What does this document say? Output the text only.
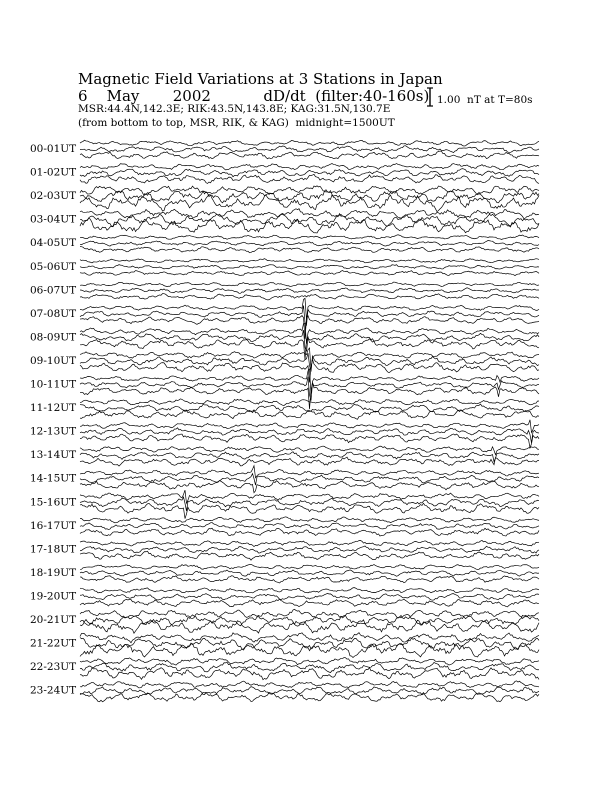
Magnetic Field Variations at 3 Stations in Japan
6    May       2002           dD/dt  (filter:40-160s)
MSR:44.4N,142.3E; RIK:43.5N,143.8E; KAG:31.5N,130.7E
(from bottom to top, MSR, RIK, & KAG)  midnight=1500UT
1.00  nT at T=80s
00-01UT
01-02UT
02-03UT
03-04UT
04-05UT
05-06UT
06-07UT
07-08UT
08-09UT
09-10UT
10-11UT
11-12UT
12-13UT
13-14UT
14-15UT
15-16UT
16-17UT
17-18UT
18-19UT
19-20UT
20-21UT
21-22UT
22-23UT
23-24UT
